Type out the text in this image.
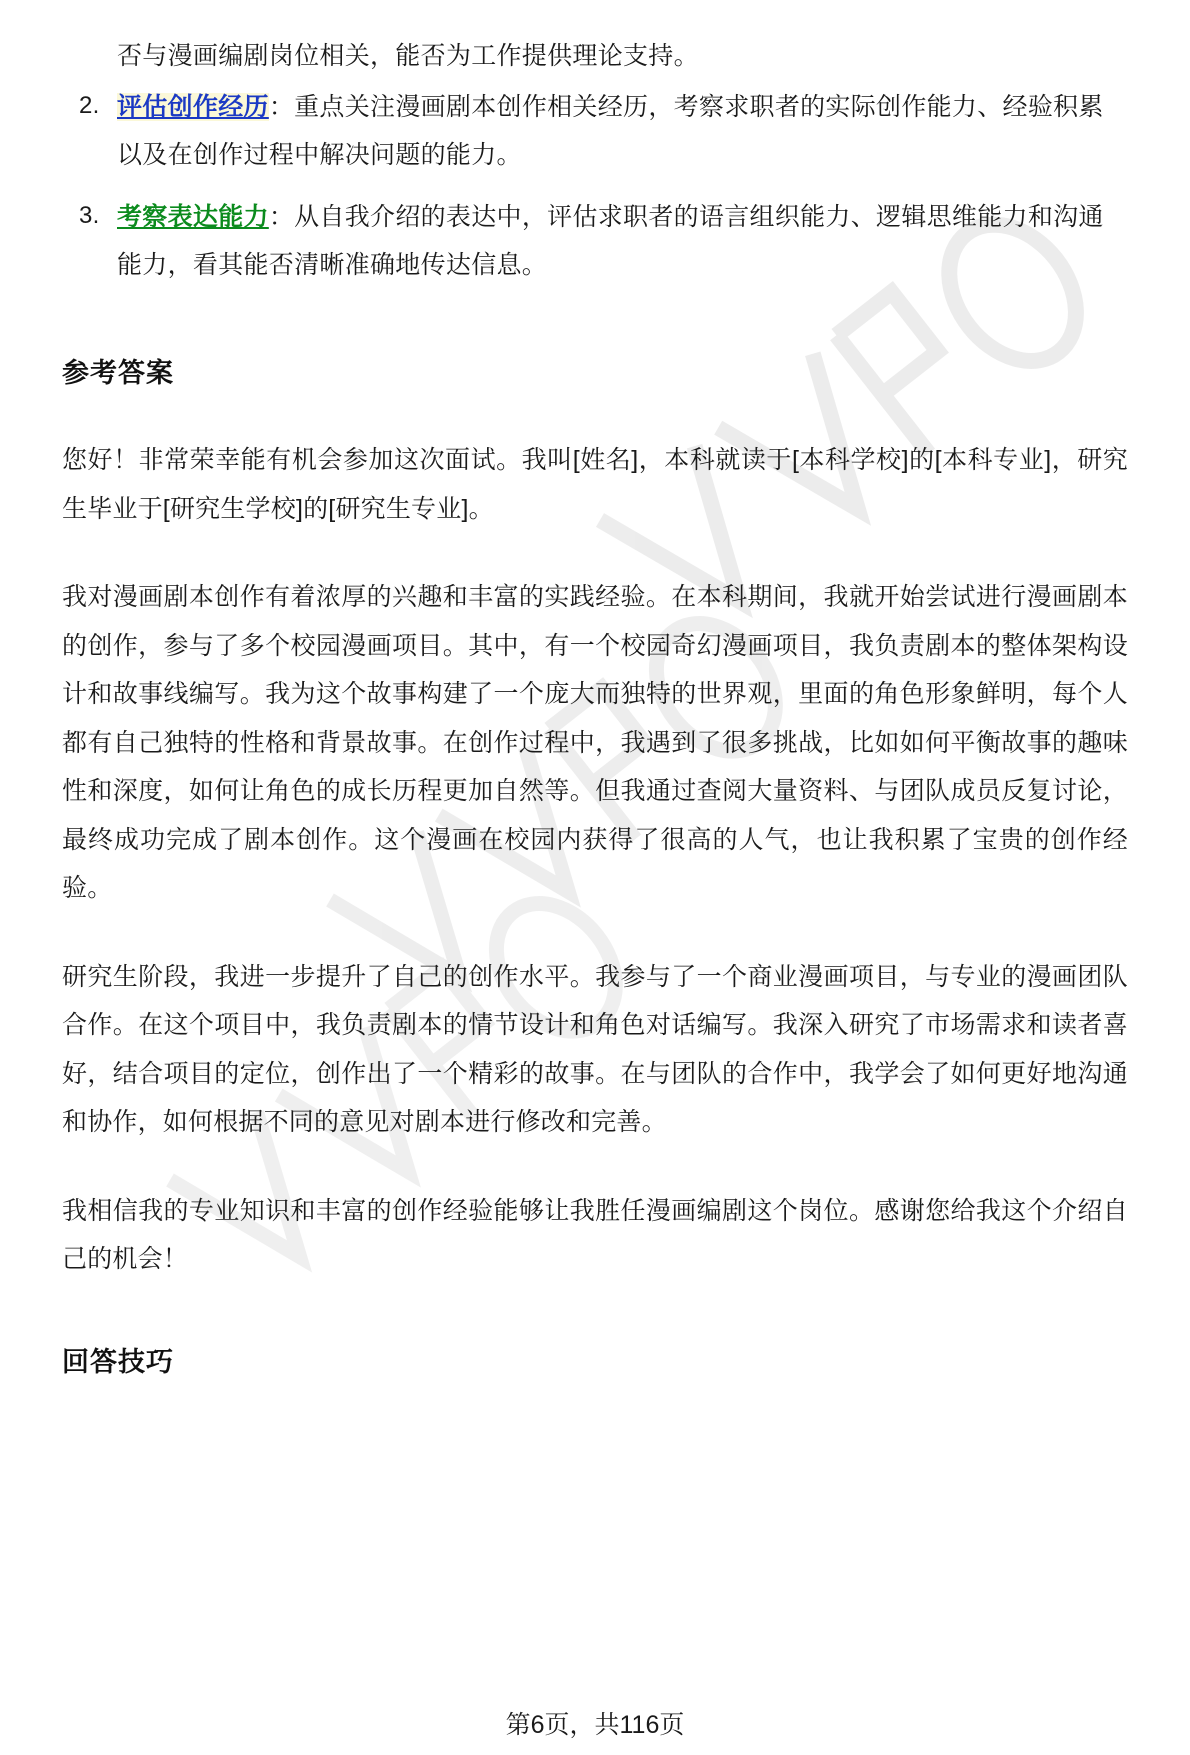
否与漫画编剧岗位相关，能否为工作提供理论支持。
评估创作经历：重点关注漫画剧本创作相关经历，考察求职者的实际创作能力、经验积累以及在创作过程中解决问题的能力。
考察表达能力：从自我介绍的表达中，评估求职者的语言组织能力、逻辑思维能力和沟通能力，看其能否清晰准确地传达信息。
参考答案

您好！非常荣幸能有机会参加这次面试。我叫[姓名]，本科就读于[本科学校]的[本科专业]，研究生毕业于[研究生学校]的[研究生专业]。

我对漫画剧本创作有着浓厚的兴趣和丰富的实践经验。在本科期间，我就开始尝试进行漫画剧本的创作，参与了多个校园漫画项目。其中，有一个校园奇幻漫画项目，我负责剧本的整体架构设计和故事线编写。我为这个故事构建了一个庞大而独特的世界观，里面的角色形象鲜明，每个人都有自己独特的性格和背景故事。在创作过程中，我遇到了很多挑战，比如如何平衡故事的趣味性和深度，如何让角色的成长历程更加自然等。但我通过查阅大量资料、与团队成员反复讨论，最终成功完成了剧本创作。这个漫画在校园内获得了很高的人气，也让我积累了宝贵的创作经验。

研究生阶段，我进一步提升了自己的创作水平。我参与了一个商业漫画项目，与专业的漫画团队合作。在这个项目中，我负责剧本的情节设计和角色对话编写。我深入研究了市场需求和读者喜好，结合项目的定位，创作出了一个精彩的故事。在与团队的合作中，我学会了如何更好地沟通和协作，如何根据不同的意见对剧本进行修改和完善。

我相信我的专业知识和丰富的创作经验能够让我胜任漫画编剧这个岗位。感谢您给我这个介绍自己的机会！

回答技巧
第6页，共116页
